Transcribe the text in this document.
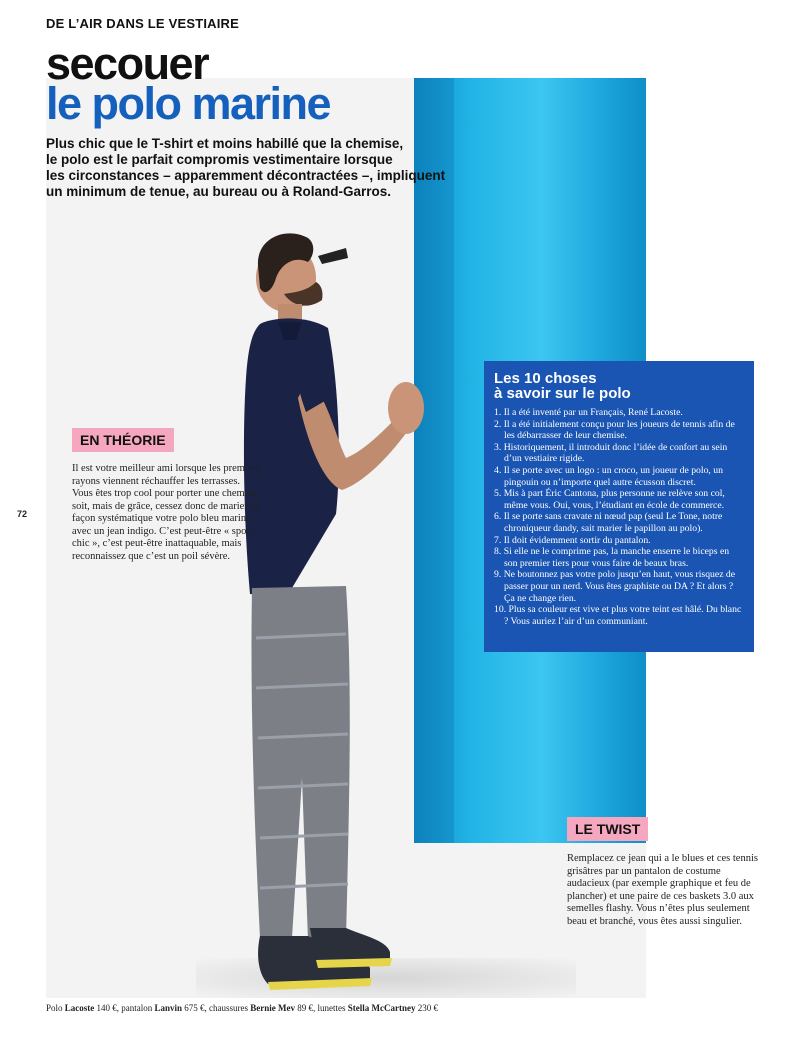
DE L’AIR DANS LE VESTIAIRE
secouer
le polo marine

Plus chic que le T-shirt et moins habillé que la chemise,

le polo est le parfait compromis vestimentaire lorsque

les circonstances – apparemment décontractées –, impliquent

un minimum de tenue, au bureau ou à Roland-Garros.

72
EN THÉORIE
Il est votre meilleur ami lorsque les premiers rayons viennent réchauffer les terrasses. Vous êtes trop cool pour porter une chemise, soit, mais de grâce, cessez donc de marier de façon systématique votre polo bleu marine avec un jean indigo. C’est peut-être « sport chic », c’est peut-être inattaquable, mais reconnaissez que c’est un poil sévère.
Les 10 choses
à savoir sur le polo
1. Il a été inventé par un Français, René Lacoste.
2. Il a été initialement conçu pour les joueurs de tennis afin de les débarrasser de leur chemise.
3. Historiquement, il introduit donc l’idée de confort au sein d’un vestiaire rigide.
4. Il se porte avec un logo : un croco, un joueur de polo, un pingouin ou n’importe quel autre écusson discret.
5. Mis à part Éric Cantona, plus personne ne relève son col, même vous. Oui, vous, l’étudiant en école de commerce.
6. Il se porte sans cravate ni nœud pap (seul Le Tone, notre chroniqueur dandy, sait marier le papillon au polo).
7. Il doit évidemment sortir du pantalon.
8. Si elle ne le comprime pas, la manche enserre le biceps en son premier tiers pour vous faire de beaux bras.
9. Ne boutonnez pas votre polo jusqu’en haut, vous risquez de passer pour un nerd. Vous êtes graphiste ou DA ? Et alors ? Ça ne change rien.
10. Plus sa couleur est vive et plus votre teint est hâlé. Du blanc ? Vous auriez l’air d’un communiant.
LE TWIST
Remplacez ce jean qui a le blues et ces tennis grisâtres par un pantalon de costume audacieux (par exemple graphique et feu de plancher) et une paire de ces baskets 3.0 aux semelles flashy. Vous n’êtes plus seulement beau et branché, vous êtes aussi singulier.
Polo Lacoste 140 €, pantalon Lanvin 675 €, chaussures Bernie Mev 89 €, lunettes Stella McCartney 230 €
